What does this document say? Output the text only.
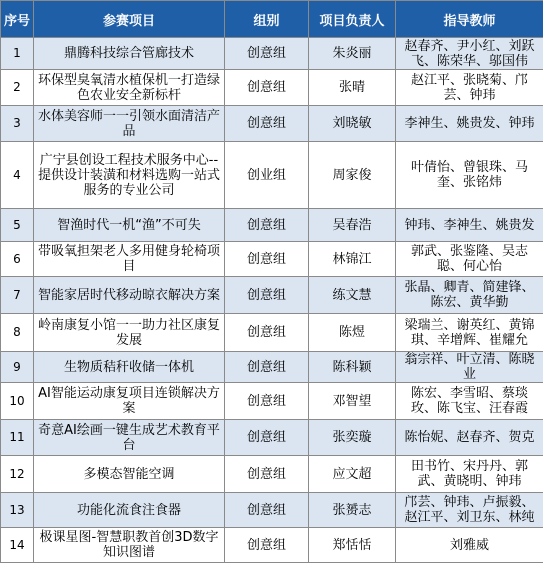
序号	参赛项目	组别	项目负责人	指导教师
1	鼎腾科技综合管廊技术	创意组	朱炎丽	赵春齐、尹小红、刘跃飞、陈荣华、邬国伟
2	环保型臭氧清水植保机一打造绿色农业安全新标杆	创意组	张晴	赵江平、张晓菊、邝芸、钟玮
3	水体美容师一一引领水面清洁产品	创意组	刘晓敏	李神生、姚贵发、钟玮
4	广宁县创设工程技术服务中心--提供设计装潢和材料选购一站式服务的专业公司	创业组	周家俊	叶倩怡、曾银珠、马奎、张铭炜
5	智渔时代一机“渔”不可失	创意组	吴春浩	钟玮、李神生、姚贵发
6	带吸氧担架老人多用健身轮椅项目	创意组	林锦江	郭武、张鉴隆、吴志聪、何心怡
7	智能家居时代移动晾衣解决方案	创意组	练文慧	张晶、卿青、简建锋、陈宏、黄华勤
8	岭南康复小馆一一助力社区康复发展	创意组	陈煜	梁瑞兰、谢英红、黄锦琪、辛增辉、崔耀允
9	生物质秸秆收储一体机	创意组	陈科颖	翁宗祥、叶立清、陈晓业
10	AI智能运动康复项目连锁解决方案	创意组	邓智望	陈宏、李雪昭、蔡琰玫、陈飞宝、汪春霞
11	奇意AI绘画一键生成艺术教育平台	创意组	张奕璇	陈怡妮、赵春齐、贺克
12	多模态智能空调	创意组	应文超	田书竹、宋丹丹、郭武、黄晓明、钟玮
13	功能化流食注食器	创意组	张赟志	邝芸、钟玮、卢振毅、赵江平、刘卫东、林纯
14	极课星图-智慧职教首创3D数字知识图谱	创意组	郑恬恬	刘雅威
